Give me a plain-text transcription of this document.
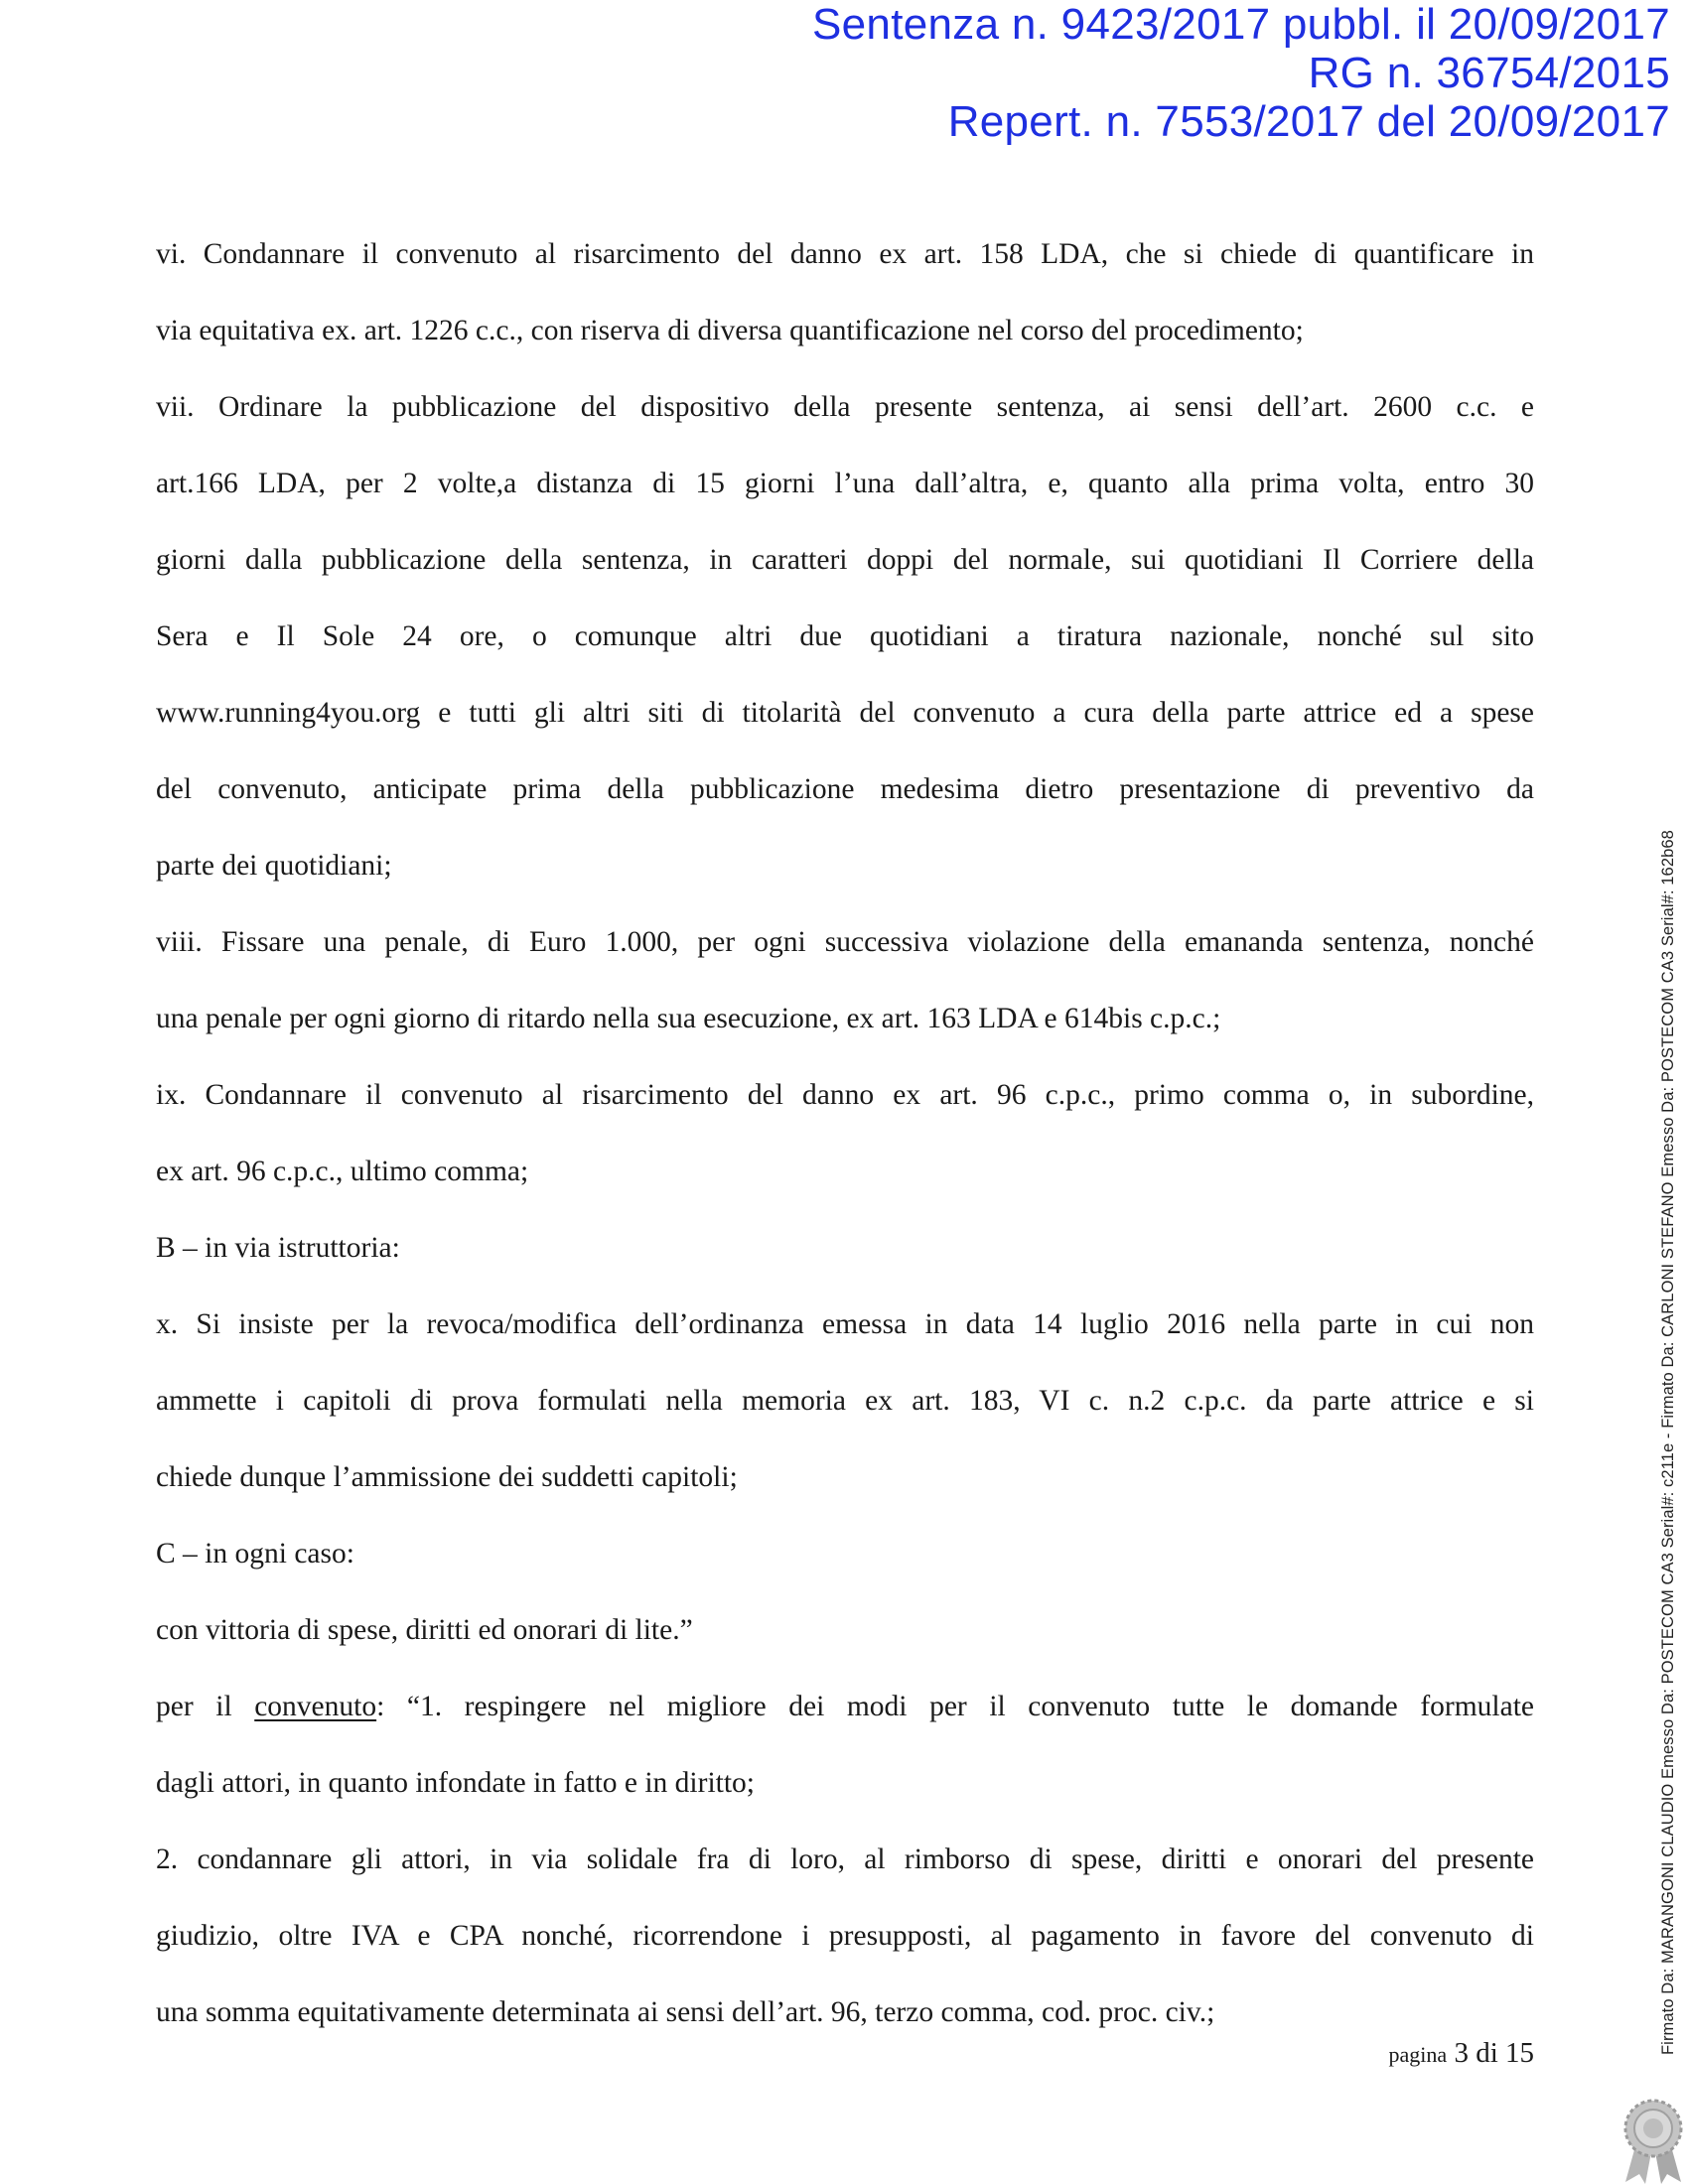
Sentenza n. 9423/2017 pubbl. il 20/09/2017
RG n. 36754/2015
Repert. n. 7553/2017 del 20/09/2017

vi. Condannare il convenuto al risarcimento del danno ex art. 158 LDA, che si chiede di quantificare in

via equitativa ex. art. 1226 c.c., con riserva di diversa quantificazione nel corso del procedimento;

vii. Ordinare la pubblicazione del dispositivo della presente sentenza, ai sensi dell’art. 2600 c.c. e

art.166 LDA, per 2 volte,a distanza di 15 giorni l’una dall’altra, e, quanto alla prima volta, entro 30

giorni dalla pubblicazione della sentenza, in caratteri doppi del normale, sui quotidiani Il Corriere della

Sera e Il Sole 24 ore, o comunque altri due quotidiani a tiratura nazionale, nonché sul sito

www.running4you.org e tutti gli altri siti di titolarità del convenuto a cura della parte attrice ed a spese

del convenuto, anticipate prima della pubblicazione medesima dietro presentazione di preventivo da

parte dei quotidiani;

viii. Fissare una penale, di Euro 1.000, per ogni successiva violazione della emananda sentenza, nonché

una penale per ogni giorno di ritardo nella sua esecuzione, ex art. 163 LDA e 614bis c.p.c.;

ix. Condannare il convenuto al risarcimento del danno ex art. 96 c.p.c., primo comma o, in subordine,

ex art. 96 c.p.c., ultimo comma;

B – in via istruttoria:

x. Si insiste per la revoca/modifica dell’ordinanza emessa in data 14 luglio 2016 nella parte in cui non

ammette i capitoli di prova formulati nella memoria ex art. 183, VI c. n.2 c.p.c. da parte attrice e si

chiede dunque l’ammissione dei suddetti capitoli;

C – in ogni caso:

con vittoria di spese, diritti ed onorari di lite.”

per il convenuto: “1. respingere nel migliore dei modi per il convenuto tutte le domande formulate

dagli attori, in quanto infondate in fatto e in diritto;

2. condannare gli attori, in via solidale fra di loro, al rimborso di spese, diritti e onorari del presente

giudizio, oltre IVA e CPA nonché, ricorrendone i presupposti, al pagamento in favore del convenuto di

una somma equitativamente determinata ai sensi dell’art. 96, terzo comma, cod. proc. civ.;

pagina 3 di 15	Firmato Da: MARANGONI CLAUDIO Emesso Da: POSTECOM CA3 Serial#: c211e - Firmato Da: CARLONI STEFANO Emesso Da: POSTECOM CA3 Serial#: 162b68
